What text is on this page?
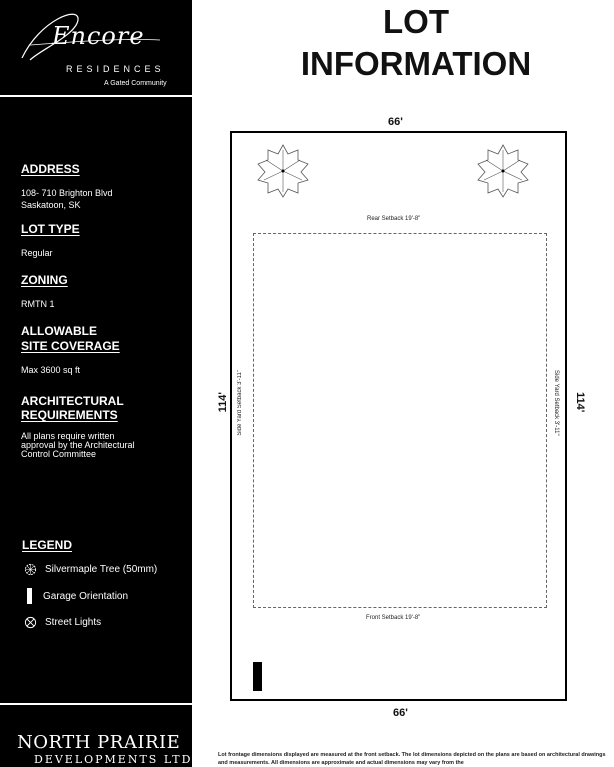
Encore
RESIDENCES
A Gated Community
ADDRESS
108- 710 Brighton Blvd
Saskatoon, SK
LOT TYPE
Regular
ZONING
RMTN 1
ALLOWABLE
SITE COVERAGE
Max 3600 sq ft
ARCHITECTURAL
REQUIREMENTS
All plans require written approval by the Architectural Control Committee
LEGEND
Silvermaple Tree (50mm)
Garage Orientation
Street Lights
NORTH PRAIRIE
DEVELOPMENTS LTD.
LOT
INFORMATION
66'
66'
114'	114'
Rear Setback 19'-8"
Front Setback 19'-8"
Side Yard Setback 3'-11"	Side Yard Setback 3'-11"
Lot frontage dimensions displayed are measured at the front setback. The lot dimensions depicted on the plans are based on architectural drawings and measurements. All dimensions are approximate and actual dimensions may vary from the
